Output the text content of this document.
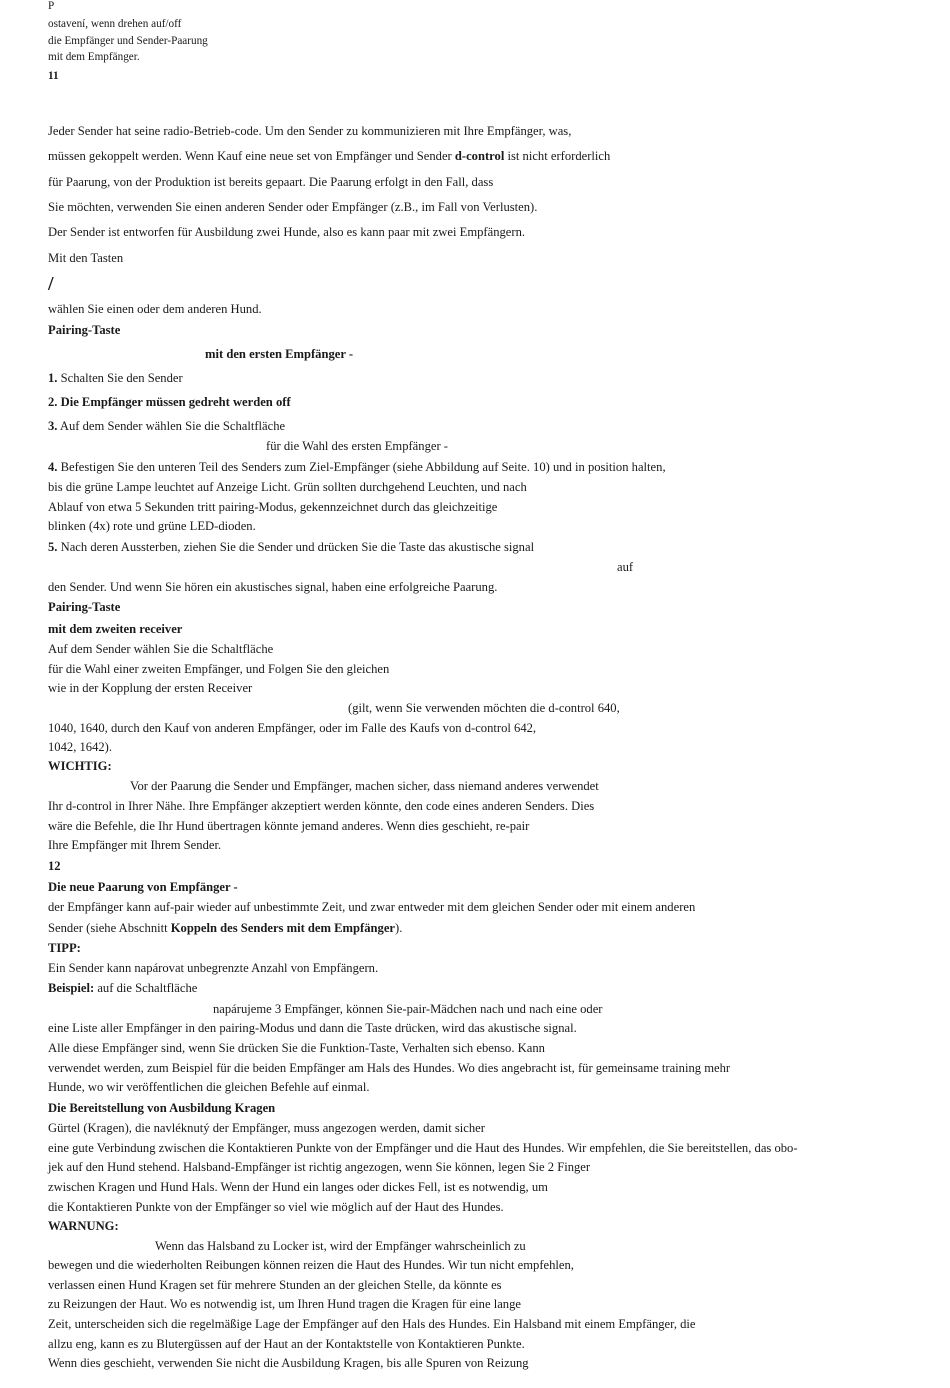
P
ostavení, wenn drehen auf/off
die Empfänger und Sender-Paarung
mit dem Empfänger.
11
Jeder Sender hat seine radio-Betrieb-code. Um den Sender zu kommunizieren mit Ihre Empfänger, was,
müssen gekoppelt werden. Wenn Kauf eine neue set von Empfänger und Sender d-control ist nicht erforderlich
für Paarung, von der Produktion ist bereits gepaart. Die Paarung erfolgt in den Fall, dass
Sie möchten, verwenden Sie einen anderen Sender oder Empfänger (z.B., im Fall von Verlusten).
Der Sender ist entworfen für Ausbildung zwei Hunde, also es kann paar mit zwei Empfängern.
Mit den Tasten
/
wählen Sie einen oder dem anderen Hund.
Pairing-Taste
mit den ersten Empfänger -
1. Schalten Sie den Sender
2. Die Empfänger müssen gedreht werden off
3. Auf dem Sender wählen Sie die Schaltfläche
für die Wahl des ersten Empfänger -
4. Befestigen Sie den unteren Teil des Senders zum Ziel-Empfänger (siehe Abbildung auf Seite. 10) und in position halten,
bis die grüne Lampe leuchtet auf Anzeige Licht. Grün sollten durchgehend Leuchten, und nach
Ablauf von etwa 5 Sekunden tritt pairing-Modus, gekennzeichnet durch das gleichzeitige
blinken (4x) rote und grüne LED-dioden.
5. Nach deren Aussterben, ziehen Sie die Sender und drücken Sie die Taste das akustische signal
auf
den Sender. Und wenn Sie hören ein akustisches signal, haben eine erfolgreiche Paarung.
Pairing-Taste
mit dem zweiten receiver
Auf dem Sender wählen Sie die Schaltfläche
für die Wahl einer zweiten Empfänger, und Folgen Sie den gleichen
wie in der Kopplung der ersten Receiver
(gilt, wenn Sie verwenden möchten die d-control 640,
1040, 1640, durch den Kauf von anderen Empfänger, oder im Falle des Kaufs von d-control 642,
1042, 1642).
WICHTIG:
Vor der Paarung die Sender und Empfänger, machen sicher, dass niemand anderes verwendet
Ihr d-control in Ihrer Nähe. Ihre Empfänger akzeptiert werden könnte, den code eines anderen Senders. Dies
wäre die Befehle, die Ihr Hund übertragen könnte jemand anderes. Wenn dies geschieht, re-pair
Ihre Empfänger mit Ihrem Sender.
12
Die neue Paarung von Empfänger -
der Empfänger kann auf-pair wieder auf unbestimmte Zeit, und zwar entweder mit dem gleichen Sender oder mit einem anderen
Sender (siehe Abschnitt Koppeln des Senders mit dem Empfänger).
TIPP:
Ein Sender kann napárovat unbegrenzte Anzahl von Empfängern.
Beispiel: auf die Schaltfläche
napárujeme 3 Empfänger, können Sie-pair-Mädchen nach und nach eine oder
eine Liste aller Empfänger in den pairing-Modus und dann die Taste drücken, wird das akustische signal.
Alle diese Empfänger sind, wenn Sie drücken Sie die Funktion-Taste, Verhalten sich ebenso. Kann
verwendet werden, zum Beispiel für die beiden Empfänger am Hals des Hundes. Wo dies angebracht ist, für gemeinsame training mehr
Hunde, wo wir veröffentlichen die gleichen Befehle auf einmal.
Die Bereitstellung von Ausbildung Kragen
Gürtel (Kragen), die navléknutý der Empfänger, muss angezogen werden, damit sicher
eine gute Verbindung zwischen die Kontaktieren Punkte von der Empfänger und die Haut des Hundes. Wir empfehlen, die Sie bereitstellen, das obo-
jek auf den Hund stehend. Halsband-Empfänger ist richtig angezogen, wenn Sie können, legen Sie 2 Finger
zwischen Kragen und Hund Hals. Wenn der Hund ein langes oder dickes Fell, ist es notwendig, um
die Kontaktieren Punkte von der Empfänger so viel wie möglich auf der Haut des Hundes.
WARNUNG:
Wenn das Halsband zu Locker ist, wird der Empfänger wahrscheinlich zu
bewegen und die wiederholten Reibungen können reizen die Haut des Hundes. Wir tun nicht empfehlen,
verlassen einen Hund Kragen set für mehrere Stunden an der gleichen Stelle, da könnte es
zu Reizungen der Haut. Wo es notwendig ist, um Ihren Hund tragen die Kragen für eine lange
Zeit, unterscheiden sich die regelmäßige Lage der Empfänger auf den Hals des Hundes. Ein Halsband mit einem Empfänger, die
allzu eng, kann es zu Blutergüssen auf der Haut an der Kontaktstelle von Kontaktieren Punkte.
Wenn dies geschieht, verwenden Sie nicht die Ausbildung Kragen, bis alle Spuren von Reizung
